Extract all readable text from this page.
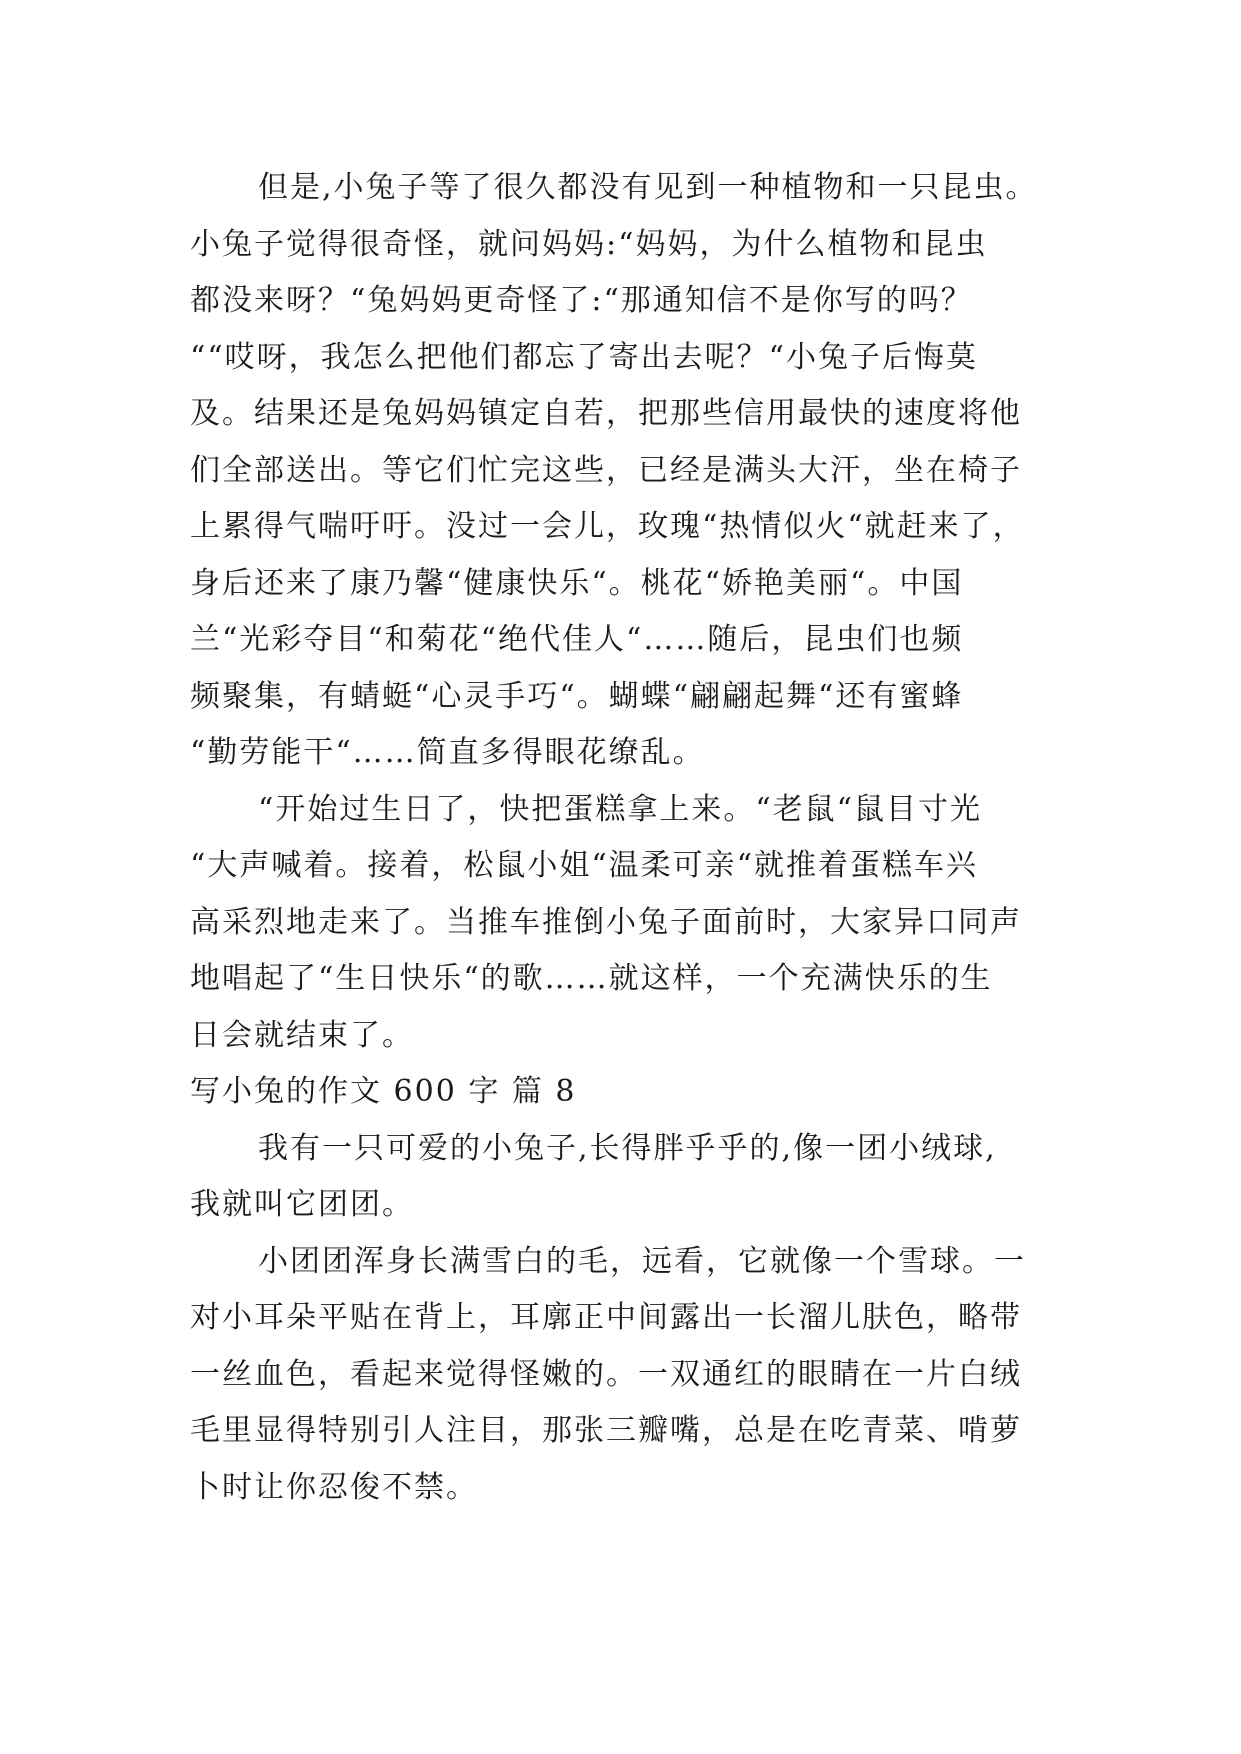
但是,小兔子等了很久都没有见到一种植物和一只昆虫。
小兔子觉得很奇怪，就问妈妈:“妈妈，为什么植物和昆虫
都没来呀？“兔妈妈更奇怪了:“那通知信不是你写的吗？
““哎呀，我怎么把他们都忘了寄出去呢？“小兔子后悔莫
及。结果还是兔妈妈镇定自若，把那些信用最快的速度将他
们全部送出。等它们忙完这些，已经是满头大汗，坐在椅子
上累得气喘吁吁。没过一会儿，玫瑰“热情似火“就赶来了，
身后还来了康乃馨“健康快乐“。桃花“娇艳美丽“。中国
兰“光彩夺目“和菊花“绝代佳人“……随后，昆虫们也频
频聚集，有蜻蜓“心灵手巧“。蝴蝶“翩翩起舞“还有蜜蜂
“勤劳能干“……简直多得眼花缭乱。
“开始过生日了，快把蛋糕拿上来。“老鼠“鼠目寸光
“大声喊着。接着，松鼠小姐“温柔可亲“就推着蛋糕车兴
高采烈地走来了。当推车推倒小兔子面前时，大家异口同声
地唱起了“生日快乐“的歌……就这样，一个充满快乐的生
日会就结束了。
写小兔的作文 600 字 篇 8
我有一只可爱的小兔子,长得胖乎乎的,像一团小绒球,
我就叫它团团。
小团团浑身长满雪白的毛，远看，它就像一个雪球。一
对小耳朵平贴在背上，耳廓正中间露出一长溜儿肤色，略带
一丝血色，看起来觉得怪嫩的。一双通红的眼睛在一片白绒
毛里显得特别引人注目，那张三瓣嘴，总是在吃青菜、啃萝
卜时让你忍俊不禁。
